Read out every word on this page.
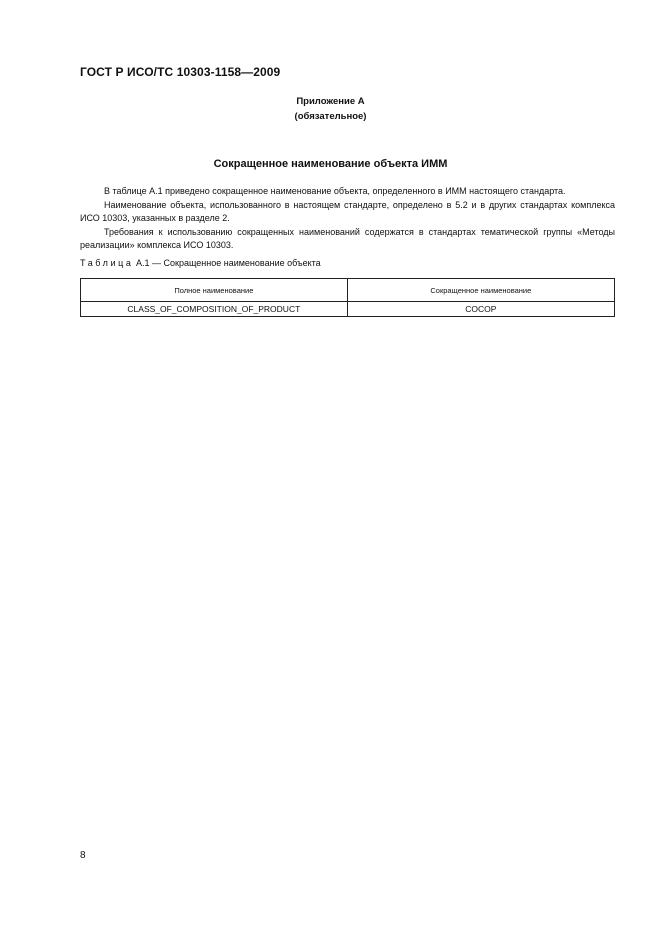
ГОСТ Р ИСО/ТС 10303-1158—2009
Приложение А
(обязательное)
Сокращенное наименование объекта ИММ

В таблице А.1 приведено сокращенное наименование объекта, определенного в ИММ настоящего стандарта.

Наименование объекта, использованного в настоящем стандарте, определено в 5.2 и в других стандартах комплекса ИСО 10303, указанных в разделе 2.

Требования к использованию сокращенных наименований содержатся в стандартах тематической группы «Методы реализации» комплекса ИСО 10303.

Таблица А.1 — Сокращенное наименование объекта
Полное наименование	Сокращенное наименование
CLASS_OF_COMPOSITION_OF_PRODUCT	COCOP
8
